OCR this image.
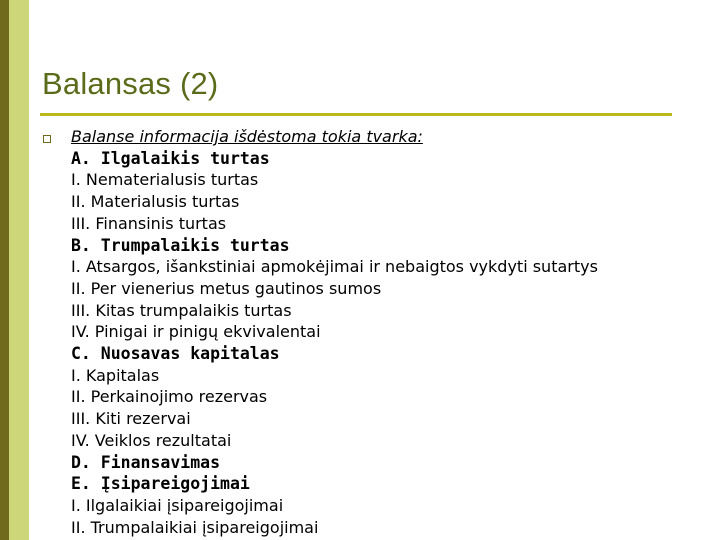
Balansas (2)
Balanse informacija išdėstoma tokia tvarka:
A. Ilgalaikis turtas
I. Nematerialusis turtas
II. Materialusis turtas
III. Finansinis turtas
B. Trumpalaikis turtas
I. Atsargos, išankstiniai apmokėjimai ir nebaigtos vykdyti sutartys
II. Per vienerius metus gautinos sumos
III. Kitas trumpalaikis turtas
IV. Pinigai ir pinigų ekvivalentai
C. Nuosavas kapitalas
I. Kapitalas
II. Perkainojimo rezervas
III. Kiti rezervai
IV. Veiklos rezultatai
D. Finansavimas
E. Įsipareigojimai
I. Ilgalaikiai įsipareigojimai
II. Trumpalaikiai įsipareigojimai
